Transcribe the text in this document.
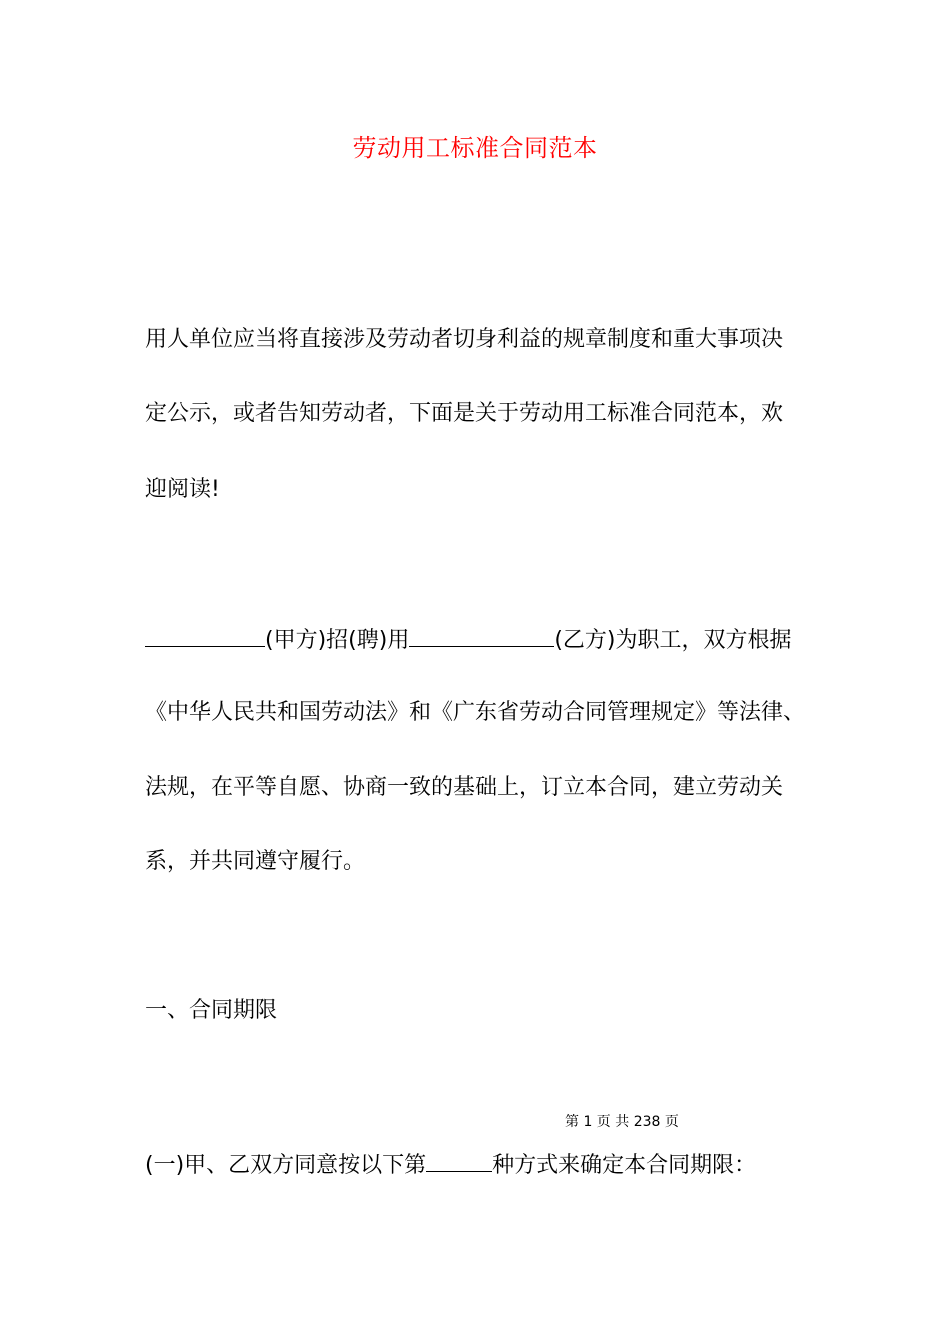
劳动用工标准合同范本
用人单位应当将直接涉及劳动者切身利益的规章制度和重大事项决
定公示，或者告知劳动者，下面是关于劳动用工标准合同范本，欢
迎阅读!
(甲方)招(聘)用	(乙方)为职工，双方根据
《中华人民共和国劳动法》和《广东省劳动合同管理规定》等法律、
法规，在平等自愿、协商一致的基础上，订立本合同，建立劳动关
系，并共同遵守履行。
一、合同期限
第 1 页 共 238 页
(一)甲、乙双方同意按以下第	种方式来确定本合同期限：
